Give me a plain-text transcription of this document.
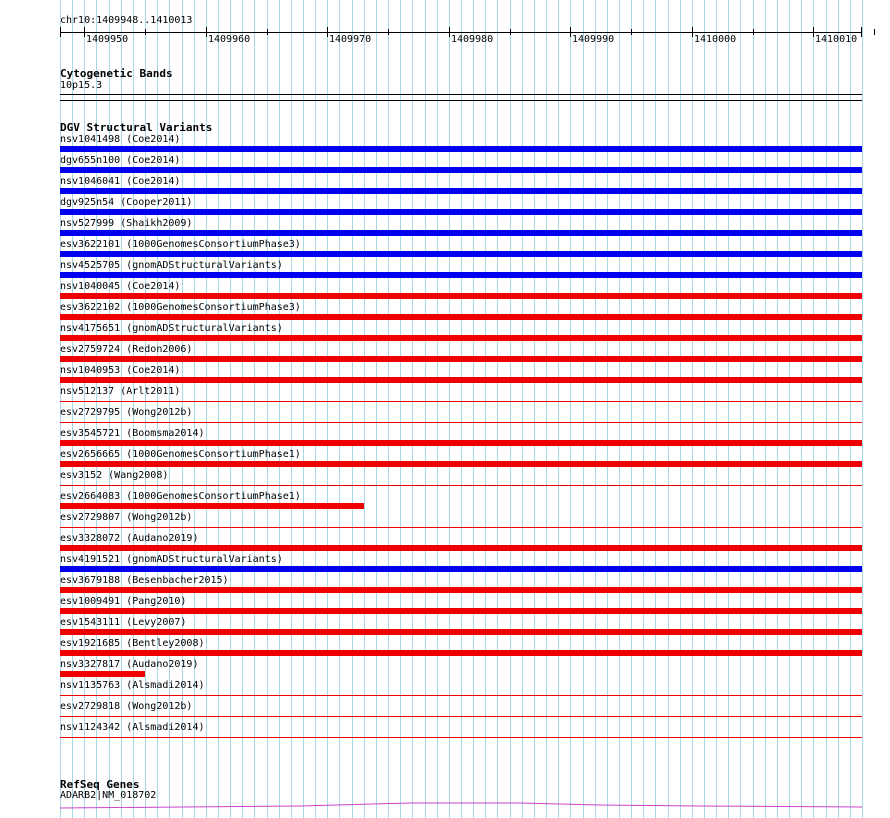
chr10:1409948..1410013
1409950	1409960	1409970	1409980	1409990	1410000	1410010
Cytogenetic Bands
10p15.3
DGV Structural Variants
nsv1041498 (Coe2014)
dgv655n100 (Coe2014)
nsv1046041 (Coe2014)
dgv925n54 (Cooper2011)
nsv527999 (Shaikh2009)
esv3622101 (1000GenomesConsortiumPhase3)
nsv4525705 (gnomADStructuralVariants)
nsv1040045 (Coe2014)
esv3622102 (1000GenomesConsortiumPhase3)
nsv4175651 (gnomADStructuralVariants)
esv2759724 (Redon2006)
nsv1040953 (Coe2014)
nsv512137 (Arlt2011)
esv2729795 (Wong2012b)
esv3545721 (Boomsma2014)
esv2656665 (1000GenomesConsortiumPhase1)
esv3152 (Wang2008)
esv2664083 (1000GenomesConsortiumPhase1)
esv2729807 (Wong2012b)
esv3328072 (Audano2019)
nsv4191521 (gnomADStructuralVariants)
esv3679188 (Besenbacher2015)
esv1009491 (Pang2010)
esv1543111 (Levy2007)
esv1921685 (Bentley2008)
nsv3327817 (Audano2019)
nsv1135763 (Alsmadi2014)
esv2729818 (Wong2012b)
nsv1124342 (Alsmadi2014)
RefSeq Genes
ADARB2|NM_018702
